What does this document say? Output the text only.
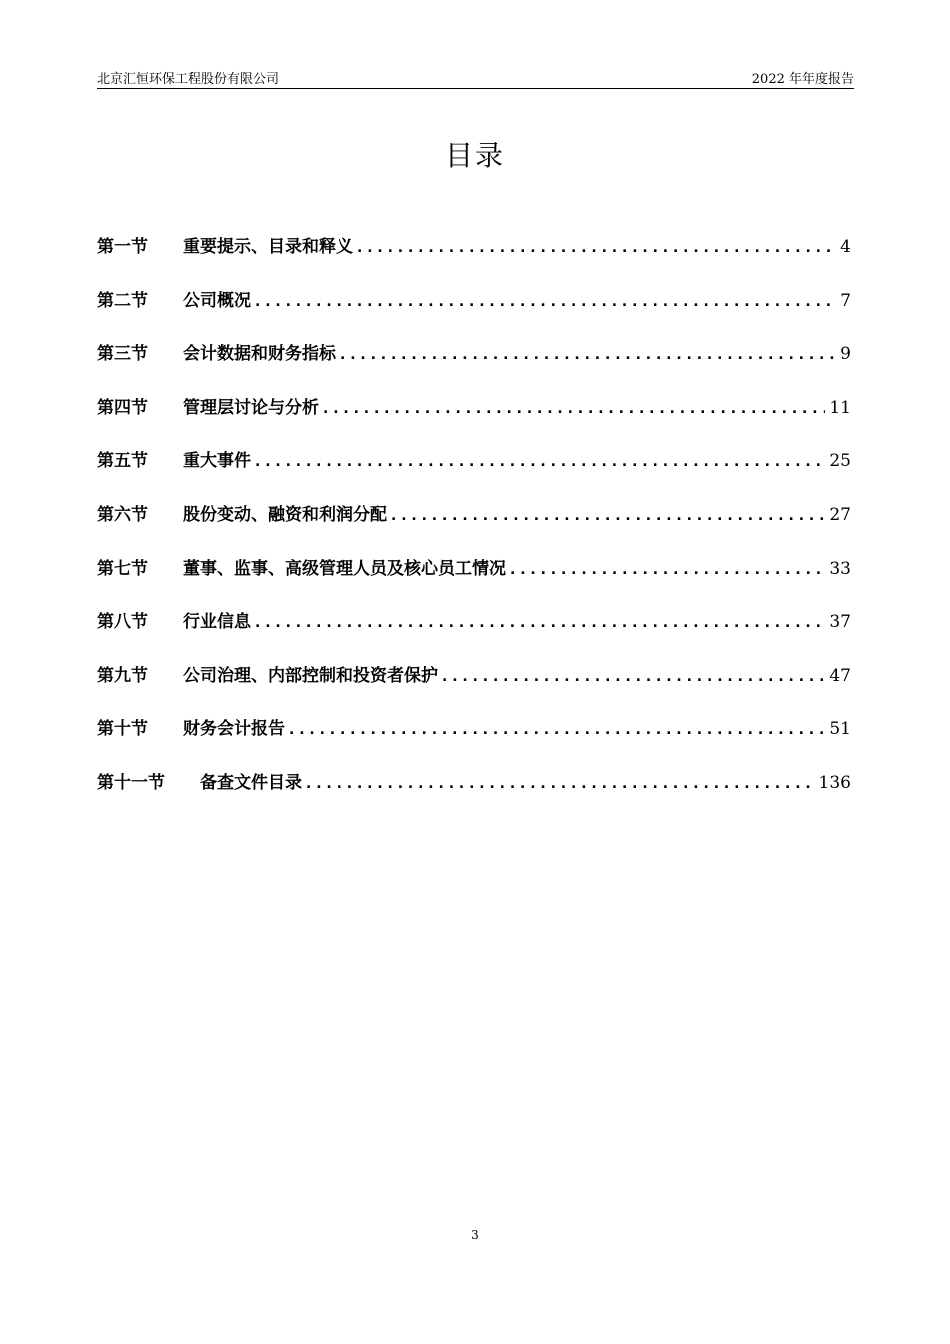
北京汇恒环保工程股份有限公司	2022 年年度报告
目录
第一节	重要提示、目录和释义 . . .	4
第二节	公司概况 . . .	7
第三节	会计数据和财务指标 . . .	9
第四节	管理层讨论与分析 . . .	11
第五节	重大事件 . . .	25
第六节	股份变动、融资和利润分配 . . .	27
第七节	董事、监事、高级管理人员及核心员工情况 . . .	33
第八节	行业信息 . . .	37
第九节	公司治理、内部控制和投资者保护 . . .	47
第十节	财务会计报告 . . .	51
第十一节	备查文件目录 . . .	136
3
